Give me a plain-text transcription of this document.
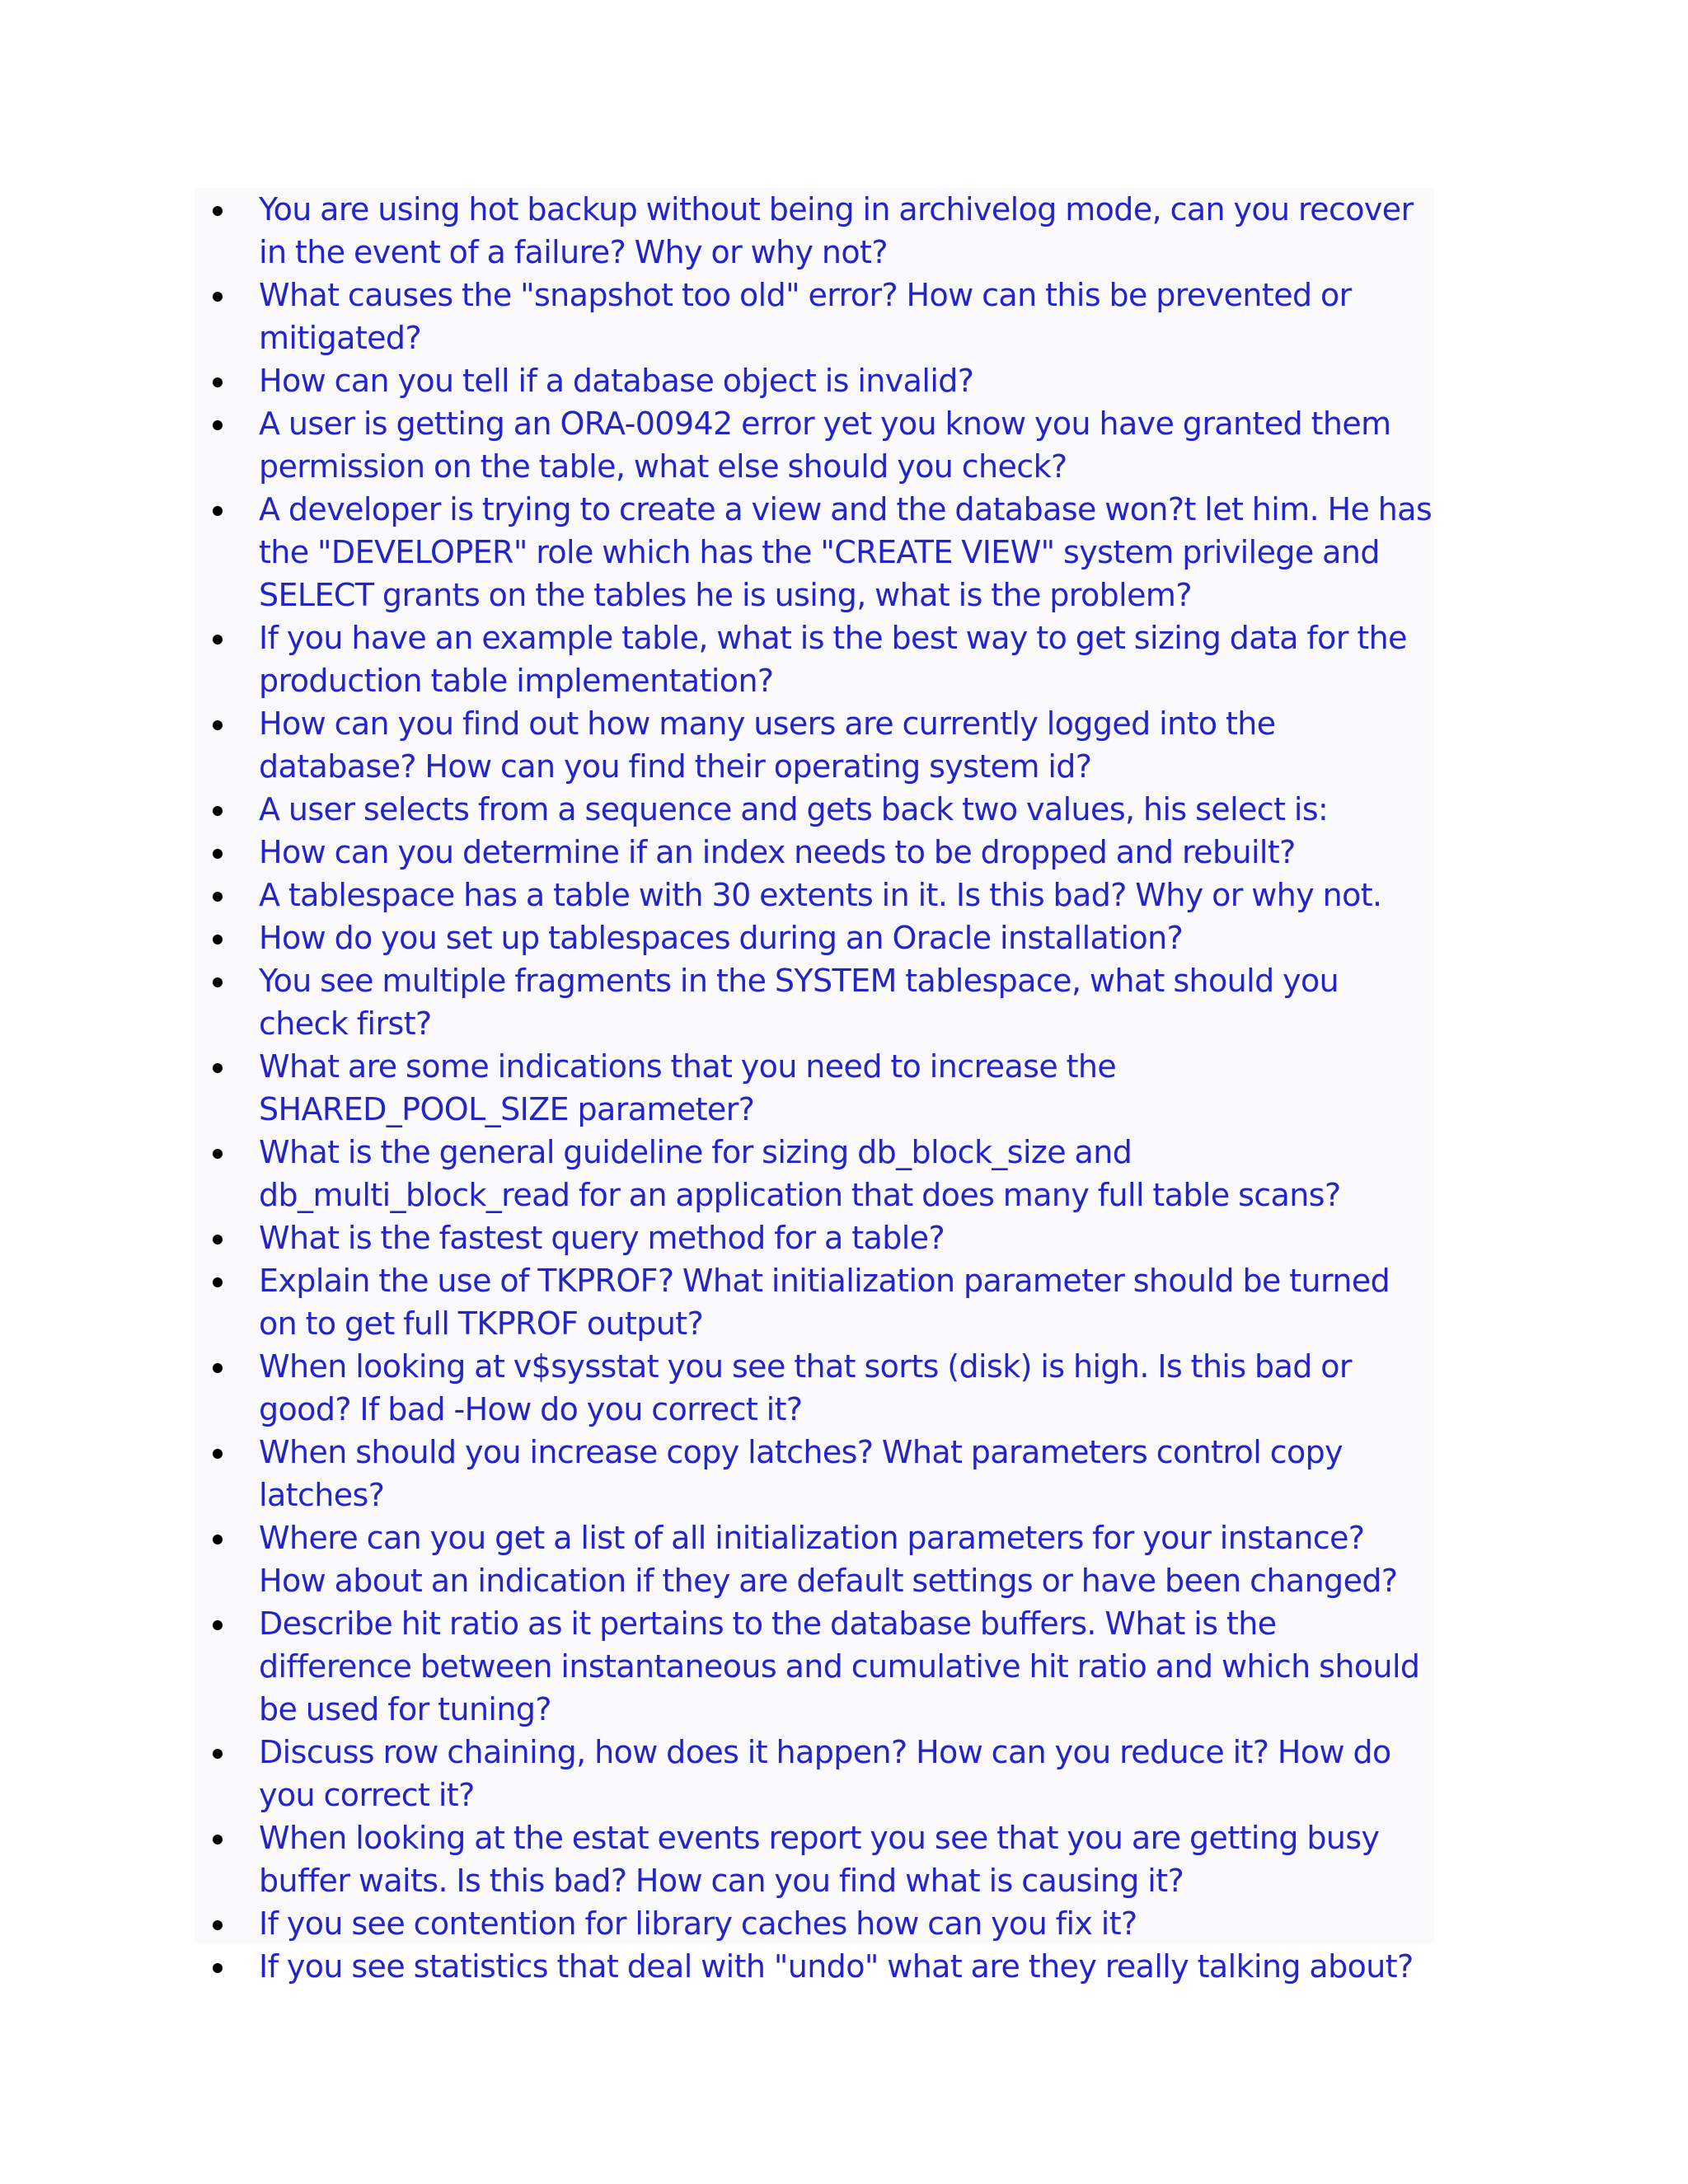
You are using hot backup without being in archivelog mode, can you recover in the event of a failure? Why or why not?
What causes the "snapshot too old" error? How can this be prevented or mitigated?
How can you tell if a database object is invalid?
A user is getting an ORA-00942 error yet you know you have granted them permission on the table, what else should you check?
A developer is trying to create a view and the database won?t let him. He has the "DEVELOPER" role which has the "CREATE VIEW" system privilege and SELECT grants on the tables he is using, what is the problem?
If you have an example table, what is the best way to get sizing data for the production table implementation?
How can you find out how many users are currently logged into the database? How can you find their operating system id?
A user selects from a sequence and gets back two values, his select is:
How can you determine if an index needs to be dropped and rebuilt?
A tablespace has a table with 30 extents in it. Is this bad? Why or why not.
How do you set up tablespaces during an Oracle installation?
You see multiple fragments in the SYSTEM tablespace, what should you check first?
What are some indications that you need to increase the SHARED_POOL_SIZE parameter?
What is the general guideline for sizing db_block_size and db_multi_block_read for an application that does many full table scans?
What is the fastest query method for a table?
Explain the use of TKPROF? What initialization parameter should be turned on to get full TKPROF output?
When looking at v$sysstat you see that sorts (disk) is high. Is this bad or good? If bad -How do you correct it?
When should you increase copy latches? What parameters control copy latches?
Where can you get a list of all initialization parameters for your instance? How about an indication if they are default settings or have been changed?
Describe hit ratio as it pertains to the database buffers. What is the difference between instantaneous and cumulative hit ratio and which should be used for tuning?
Discuss row chaining, how does it happen? How can you reduce it? How do you correct it?
When looking at the estat events report you see that you are getting busy buffer waits. Is this bad? How can you find what is causing it?
If you see contention for library caches how can you fix it?
If you see statistics that deal with "undo" what are they really talking about?
